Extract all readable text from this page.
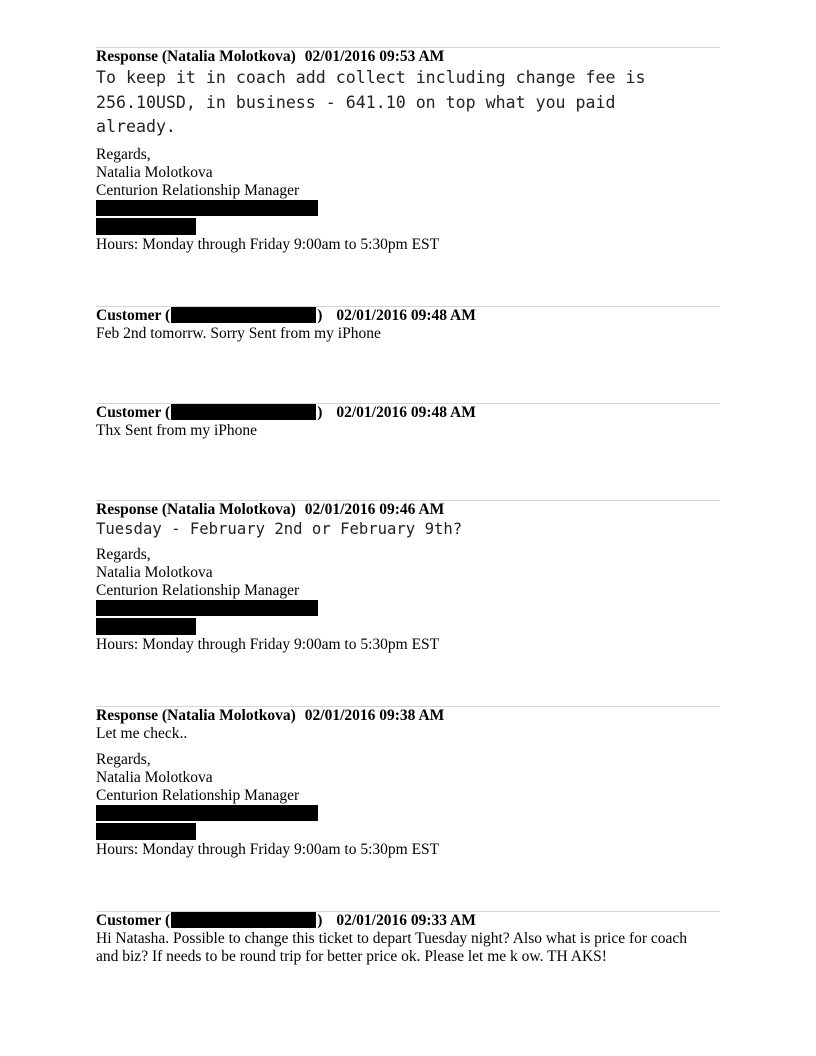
Response (Natalia Molotkova) 02/01/2016 09:53 AM
To keep it in coach add collect including change fee is
256.10USD, in business - 641.10 on top what you paid
already.
Regards,
Natalia Molotkova
Centurion Relationship Manager
Hours: Monday through Friday 9:00am to 5:30pm EST
Customer (	) 02/01/2016 09:48 AM
Feb 2nd tomorrw. Sorry Sent from my iPhone
Customer (	) 02/01/2016 09:48 AM
Thx Sent from my iPhone
Response (Natalia Molotkova) 02/01/2016 09:46 AM
Tuesday - February 2nd or February 9th?
Regards,
Natalia Molotkova
Centurion Relationship Manager
Hours: Monday through Friday 9:00am to 5:30pm EST
Response (Natalia Molotkova) 02/01/2016 09:38 AM
Let me check..
Regards,
Natalia Molotkova
Centurion Relationship Manager
Hours: Monday through Friday 9:00am to 5:30pm EST
Customer (	) 02/01/2016 09:33 AM
Hi Natasha. Possible to change this ticket to depart Tuesday night? Also what is price for coach
and biz? If needs to be round trip for better price ok. Please let me k ow. TH AKS!
